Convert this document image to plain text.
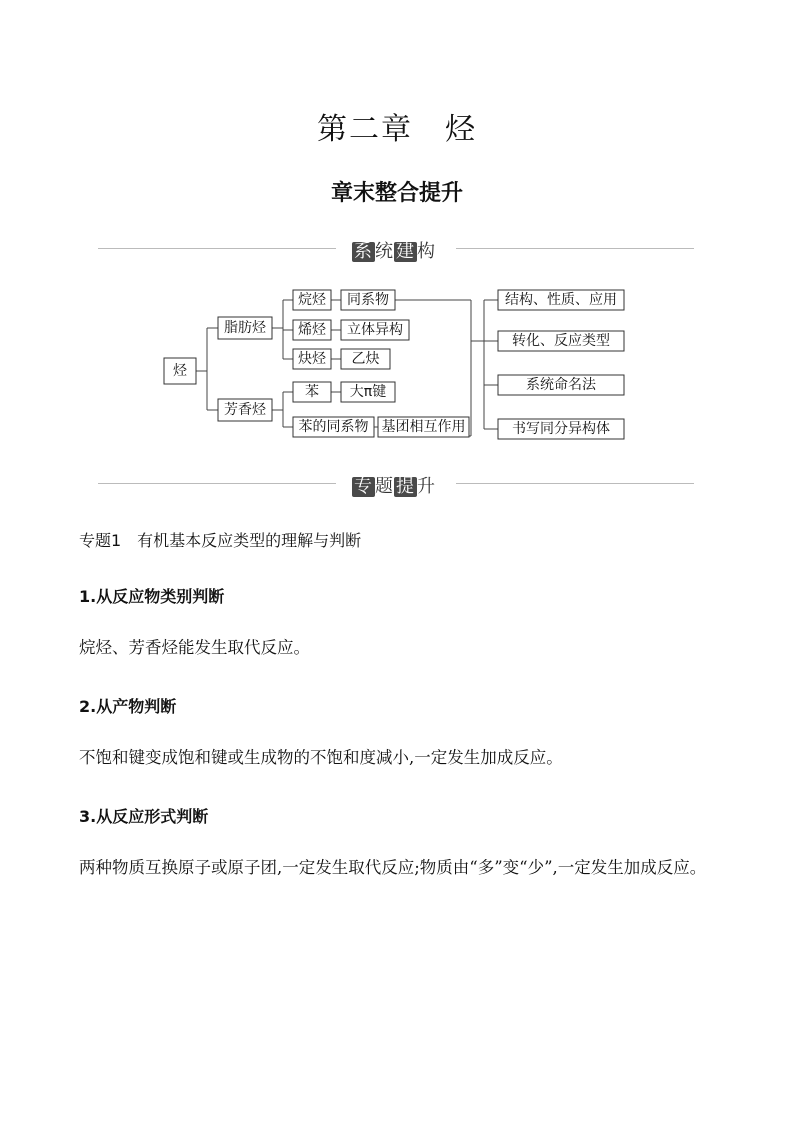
第二章　烃
章末整合提升
系 统 建 构
烃
脂肪烃
芳香烃
烷烃
烯烃
炔烃
苯
苯的同系物
同系物
立体异构
乙炔
大π键
基团相互作用
结构、性质、应用
转化、反应类型
系统命名法
书写同分异构体
专 题 提 升
专题1　有机基本反应类型的理解与判断
1.从反应物类别判断
烷烃、芳香烃能发生取代反应。
2.从产物判断
不饱和键变成饱和键或生成物的不饱和度减小,一定发生加成反应。
3.从反应形式判断
两种物质互换原子或原子团,一定发生取代反应;物质由“多”变“少”,一定发生加成反应。
